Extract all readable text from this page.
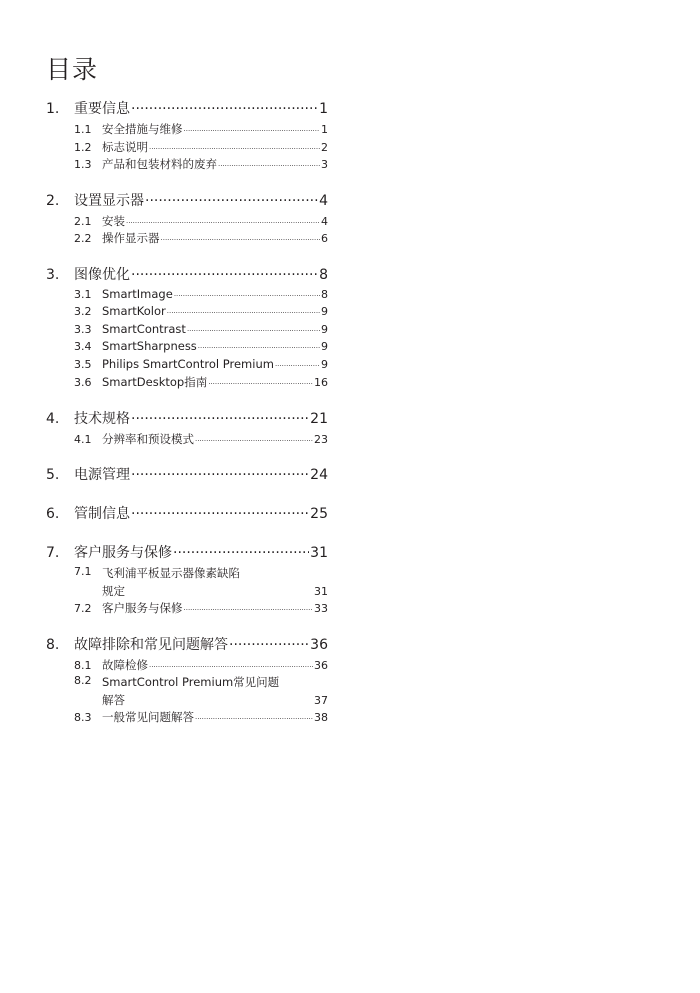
目录
1.	重要信息 .....	1
1.1 安全措施与维修 .....	1
1.2 标志说明 .....	2
1.3 产品和包装材料的废弃 .....	3
2.	设置显示器 .....	4
2.1 安装 .....	4
2.2 操作显示器 .....	6
3.	图像优化 .....	8
3.1 SmartImage .....	8
3.2 SmartKolor .....	9
3.3 SmartContrast .....	9
3.4 SmartSharpness .....	9
3.5 Philips SmartControl Premium .....	9
3.6 SmartDesktop指南 .....	16
4.	技术规格 .....	21
4.1 分辨率和预设模式 .....	23
5.	电源管理 .....	24
6.	管制信息 .....	25
7.	客户服务与保修 .....	31
7.1 飞利浦平板显示器像素缺陷
规定	31
7.2 客户服务与保修 .....	33
8.	故障排除和常见问题解答 .....	36
8.1 故障检修 .....	36
8.2 SmartControl Premium常见问题
解答	37
8.3 一般常见问题解答 .....	38
